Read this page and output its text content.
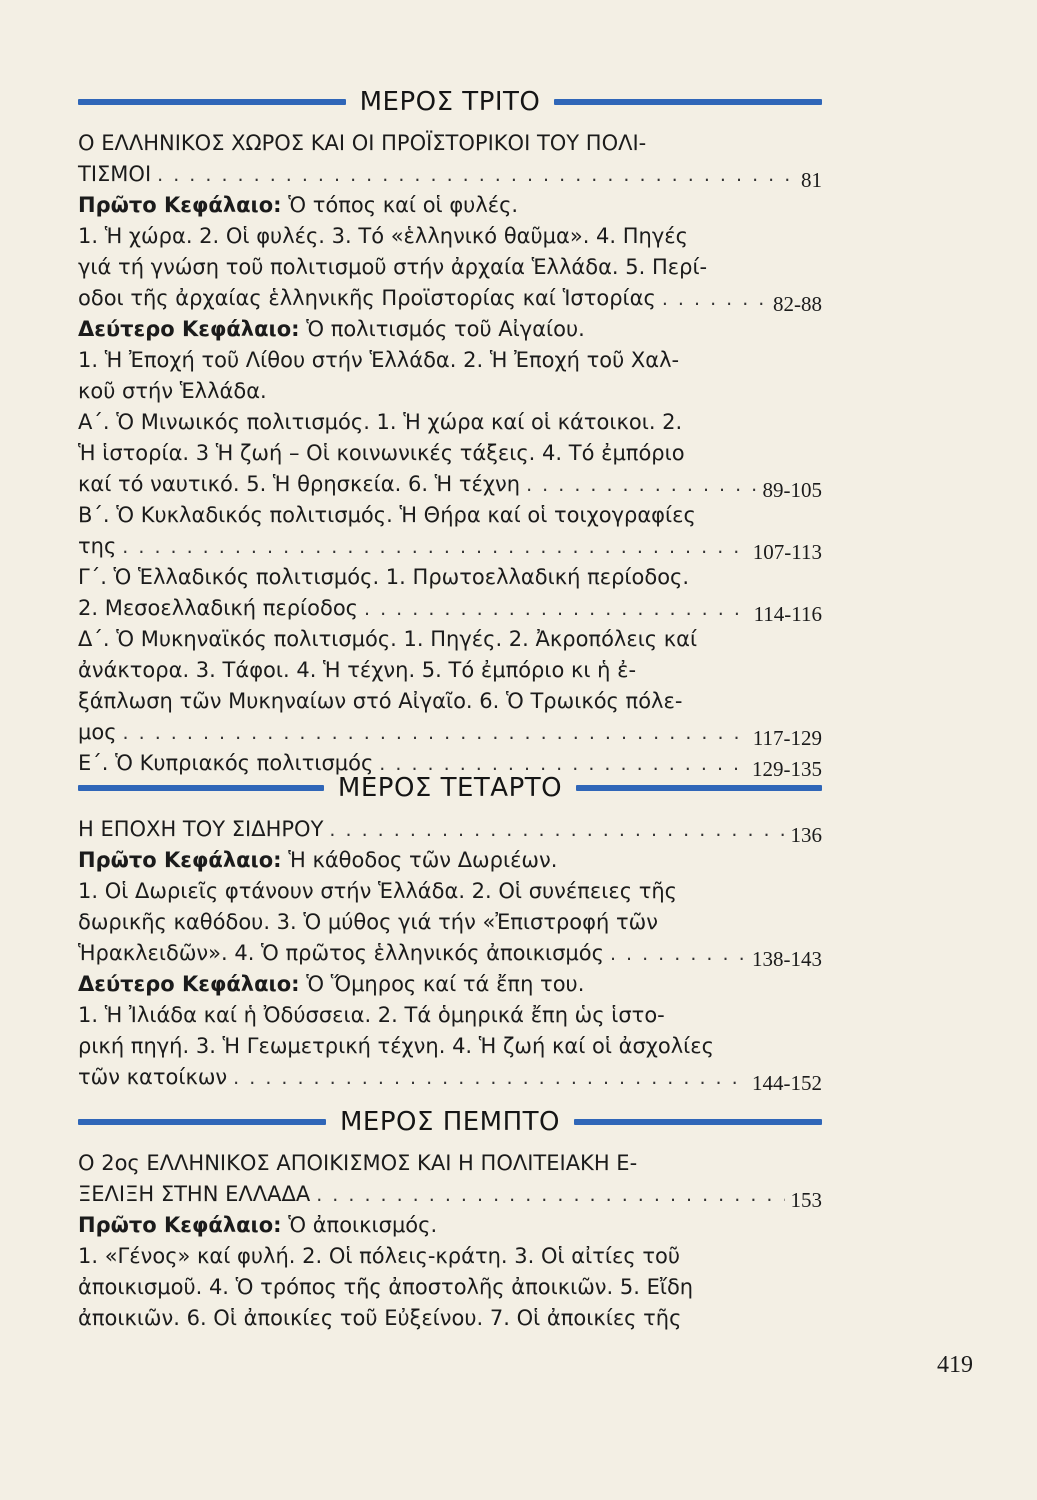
ΜΕΡΟΣ ΤΡΙΤΟ
Ο ΕΛΛΗΝΙΚΟΣ ΧΩΡΟΣ ΚΑΙ ΟΙ ΠΡΟΪΣΤΟΡΙΚΟΙ ΤΟΥ ΠΟΛΙ-
ΤΙΣΜΟΙ . . .	81
Πρῶτο Κεφάλαιο: Ὁ τόπος καί οἱ φυλές.
1. Ἡ χώρα. 2. Οἱ φυλές. 3. Τό «ἑλληνικό θαῦμα». 4. Πηγές
γιά τή γνώση τοῦ πολιτισμοῦ στήν ἀρχαία Ἑλλάδα. 5. Περί-
οδοι τῆς ἀρχαίας ἑλληνικῆς Προϊστορίας καί Ἱστορίας . . .	82-88
Δεύτερο Κεφάλαιο: Ὁ πολιτισμός τοῦ Αἰγαίου.
1. Ἡ Ἐποχή τοῦ Λίθου στήν Ἑλλάδα. 2. Ἡ Ἐποχή τοῦ Χαλ-
κοῦ στήν Ἑλλάδα.
Α΄. Ὁ Μινωικός πολιτισμός. 1. Ἡ χώρα καί οἱ κάτοικοι. 2.
Ἡ ἱστορία. 3 Ἡ ζωή – Οἱ κοινωνικές τάξεις. 4. Τό ἐμπόριο
καί τό ναυτικό. 5. Ἡ θρησκεία. 6. Ἡ τέχνη . . .	89-105
Β΄. Ὁ Κυκλαδικός πολιτισμός. Ἡ Θήρα καί οἱ τοιχογραφίες
της . . .	107-113
Γ΄. Ὁ Ἑλλαδικός πολιτισμός. 1. Πρωτοελλαδική περίοδος.
2. Μεσοελλαδική περίοδος . . .	114-116
Δ΄. Ὁ Μυκηναϊκός πολιτισμός. 1. Πηγές. 2. Ἀκροπόλεις καί
ἀνάκτορα. 3. Τάφοι. 4. Ἡ τέχνη. 5. Τό ἐμπόριο κι ἡ ἐ-
ξάπλωση τῶν Μυκηναίων στό Αἰγαῖο. 6. Ὁ Τρωικός πόλε-
μος . . .	117-129
Ε΄. Ὁ Κυπριακός πολιτισμός . . .	129-135
ΜΕΡΟΣ ΤΕΤΑΡΤΟ
Η ΕΠΟΧΗ ΤΟΥ ΣΙΔΗΡΟΥ . . .	136
Πρῶτο Κεφάλαιο: Ἡ κάθοδος τῶν Δωριέων.
1. Οἱ Δωριεῖς φτάνουν στήν Ἑλλάδα. 2. Οἱ συνέπειες τῆς
δωρικῆς καθόδου. 3. Ὁ μύθος γιά τήν «Ἐπιστροφή τῶν
Ἡρακλειδῶν». 4. Ὁ πρῶτος ἑλληνικός ἀποικισμός . . .	138-143
Δεύτερο Κεφάλαιο: Ὁ Ὅμηρος καί τά ἔπη του.
1. Ἡ Ἰλιάδα καί ἡ Ὀδύσσεια. 2. Τά ὁμηρικά ἔπη ὡς ἱστο-
ρική πηγή. 3. Ἡ Γεωμετρική τέχνη. 4. Ἡ ζωή καί οἱ ἀσχολίες
τῶν κατοίκων . . .	144-152
ΜΕΡΟΣ ΠΕΜΠΤΟ
Ο 2ος ΕΛΛΗΝΙΚΟΣ ΑΠΟΙΚΙΣΜΟΣ ΚΑΙ Η ΠΟΛΙΤΕΙΑΚΗ Ε-
ΞΕΛΙΞΗ ΣΤΗΝ ΕΛΛΑΔΑ . . .	153
Πρῶτο Κεφάλαιο: Ὁ ἀποικισμός.
1. «Γένος» καί φυλή. 2. Οἱ πόλεις-κράτη. 3. Οἱ αἰτίες τοῦ
ἀποικισμοῦ. 4. Ὁ τρόπος τῆς ἀποστολῆς ἀποικιῶν. 5. Εἴδη
ἀποικιῶν. 6. Οἱ ἀποικίες τοῦ Εὐξείνου. 7. Οἱ ἀποικίες τῆς
419
